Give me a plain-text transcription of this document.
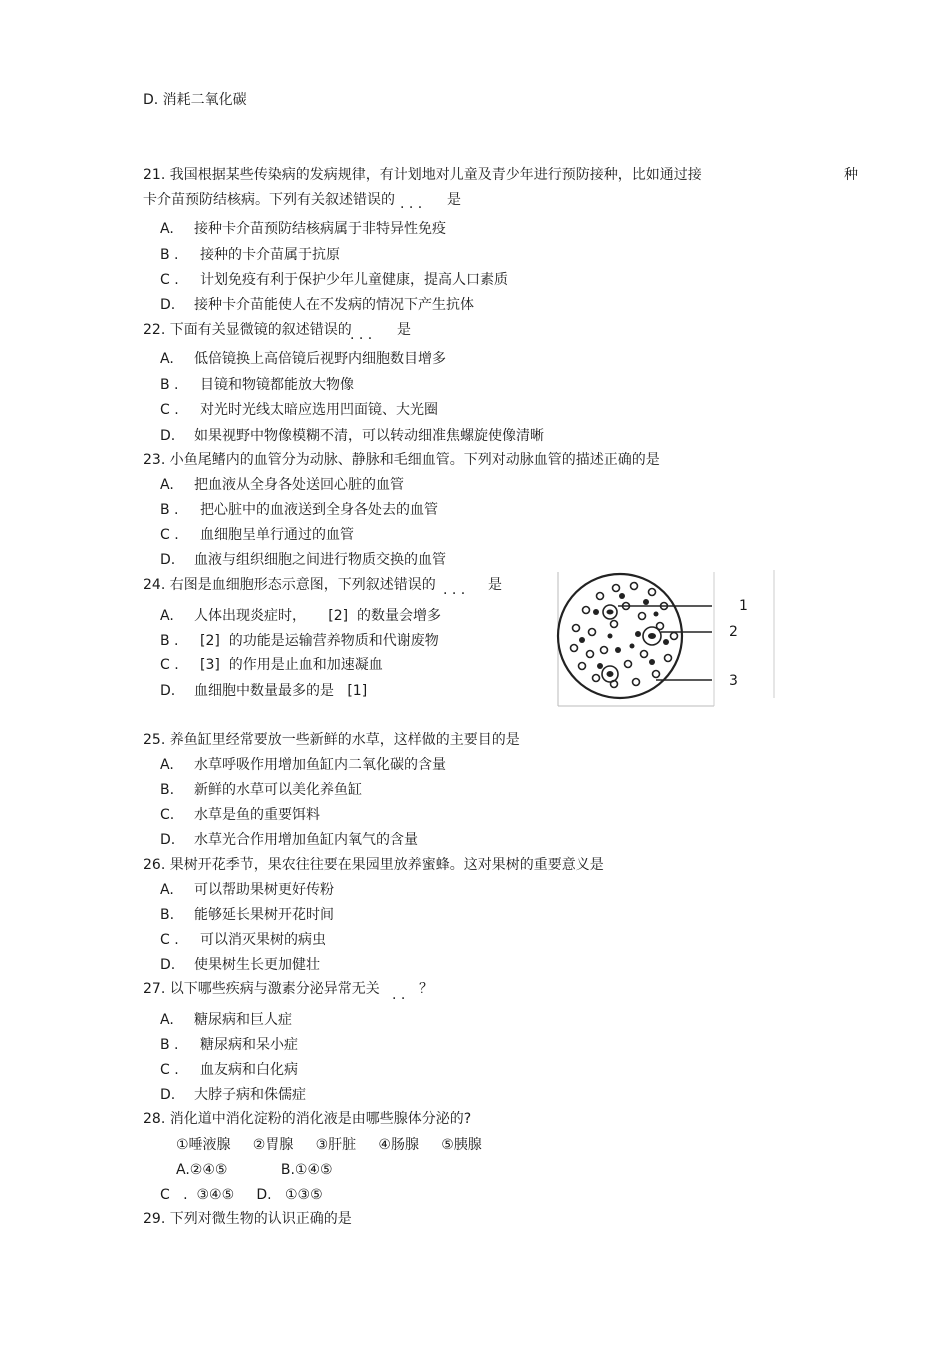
D. 消耗二氧化碳
21. 我国根据某些传染病的发病规律，有计划地对儿童及青少年进行预防接种，比如通过接	种
卡介苗预防结核病。下列有关叙述错误的 · · · 是
A. 接种卡介苗预防结核病属于非特异性免疫
B . 接种的卡介苗属于抗原
C . 计划免疫有利于保护少年儿童健康，提高人口素质
D. 接种卡介苗能使人在不发病的情况下产生抗体
22. 下面有关显微镜的叙述错误的
· · ·
是
A. 低倍镜换上高倍镜后视野内细胞数目增多
B . 目镜和物镜都能放大物像
C . 对光时光线太暗应选用凹面镜、大光圈
D. 如果视野中物像模糊不清，可以转动细准焦螺旋使像清晰
23. 小鱼尾鳍内的血管分为动脉、静脉和毛细血管。下列对动脉血管的描述正确的是
A. 把血液从全身各处送回心脏的血管
B . 把心脏中的血液送到全身各处去的血管
C . 血细胞呈单行通过的血管
D. 血液与组织细胞之间进行物质交换的血管
24. 右图是血细胞形态示意图，下列叙述错误的
· · ·
是
A. 人体出现炎症时，     [2]  的数量会增多
B . [2]  的功能是运输营养物质和代谢废物
C . [3]  的作用是止血和加速凝血
D. 血细胞中数量最多的是   [1]
1
2
3
25. 养鱼缸里经常要放一些新鲜的水草，这样做的主要目的是
A. 水草呼吸作用增加鱼缸内二氧化碳的含量
B. 新鲜的水草可以美化养鱼缸
C. 水草是鱼的重要饵料
D. 水草光合作用增加鱼缸内氧气的含量
26. 果树开花季节，果农往往要在果园里放养蜜蜂。这对果树的重要意义是
A. 可以帮助果树更好传粉
B. 能够延长果树开花时间
C . 可以消灭果树的病虫
D. 使果树生长更加健壮
27. 以下哪些疾病与激素分泌异常无关
· ·
？
A. 糖尿病和巨人症
B . 糖尿病和呆小症
C . 血友病和白化病
D. 大脖子病和侏儒症
28. 消化道中消化淀粉的消化液是由哪些腺体分泌的?
①唾液腺     ②胃腺     ③肝脏     ④肠腺     ⑤胰腺
A.②④⑤            B.①④⑤
C   .  ③④⑤     D.   ①③⑤
29. 下列对微生物的认识正确的是
